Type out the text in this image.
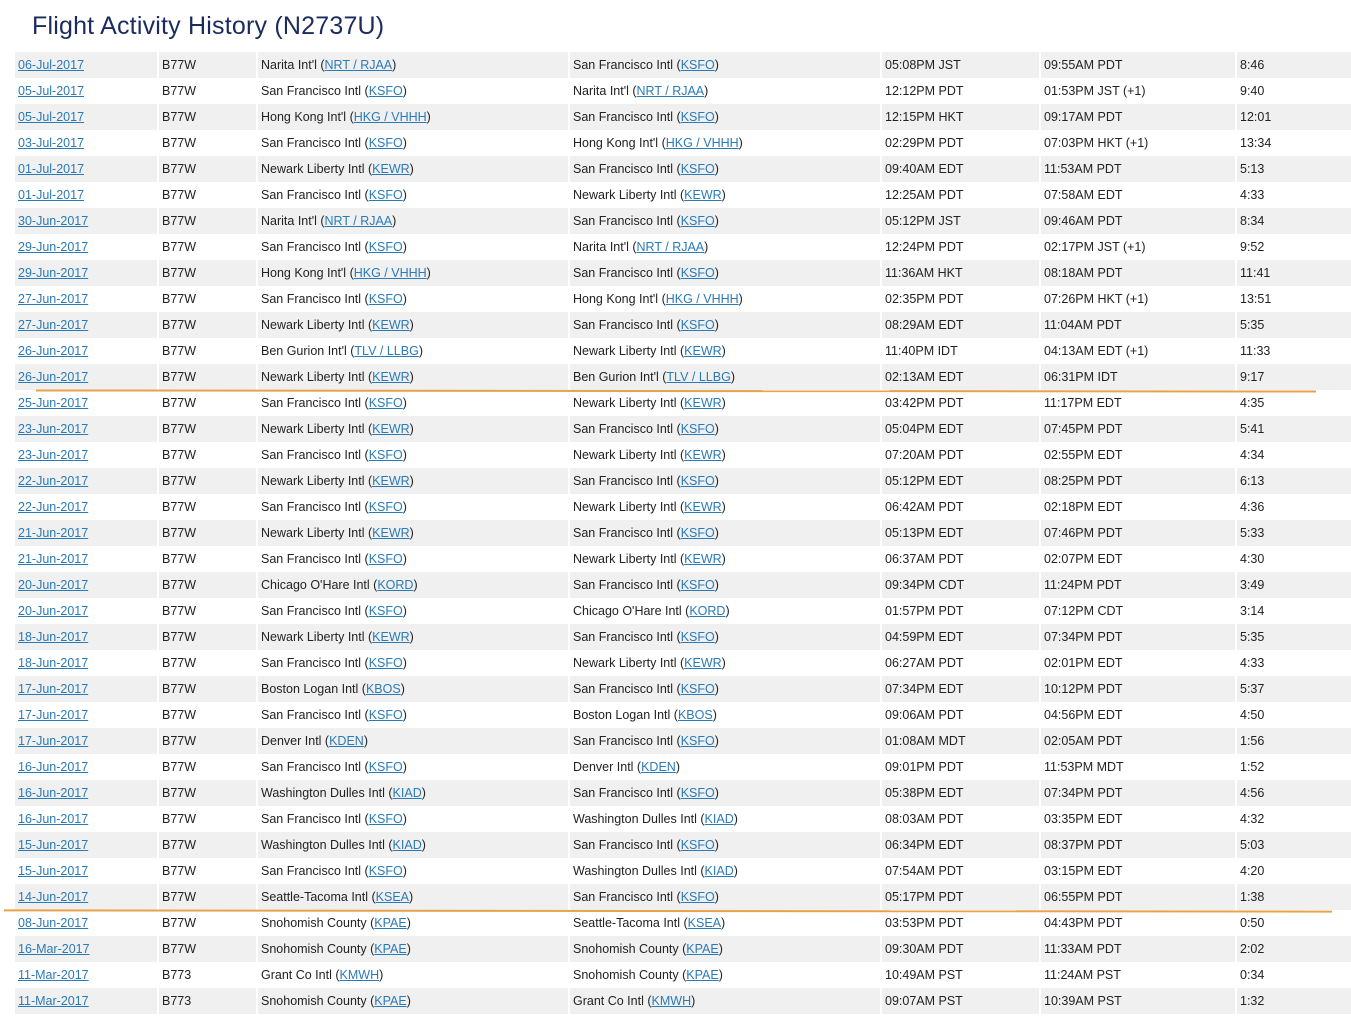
Flight Activity History (N2737U)
06-Jul-2017	B77W	Narita Int'l (NRT / RJAA)	San Francisco Intl (KSFO)	05:08PM JST	09:55AM PDT	8:46
05-Jul-2017	B77W	San Francisco Intl (KSFO)	Narita Int'l (NRT / RJAA)	12:12PM PDT	01:53PM JST (+1)	9:40
05-Jul-2017	B77W	Hong Kong Int'l (HKG / VHHH)	San Francisco Intl (KSFO)	12:15PM HKT	09:17AM PDT	12:01
03-Jul-2017	B77W	San Francisco Intl (KSFO)	Hong Kong Int'l (HKG / VHHH)	02:29PM PDT	07:03PM HKT (+1)	13:34
01-Jul-2017	B77W	Newark Liberty Intl (KEWR)	San Francisco Intl (KSFO)	09:40AM EDT	11:53AM PDT	5:13
01-Jul-2017	B77W	San Francisco Intl (KSFO)	Newark Liberty Intl (KEWR)	12:25AM PDT	07:58AM EDT	4:33
30-Jun-2017	B77W	Narita Int'l (NRT / RJAA)	San Francisco Intl (KSFO)	05:12PM JST	09:46AM PDT	8:34
29-Jun-2017	B77W	San Francisco Intl (KSFO)	Narita Int'l (NRT / RJAA)	12:24PM PDT	02:17PM JST (+1)	9:52
29-Jun-2017	B77W	Hong Kong Int'l (HKG / VHHH)	San Francisco Intl (KSFO)	11:36AM HKT	08:18AM PDT	11:41
27-Jun-2017	B77W	San Francisco Intl (KSFO)	Hong Kong Int'l (HKG / VHHH)	02:35PM PDT	07:26PM HKT (+1)	13:51
27-Jun-2017	B77W	Newark Liberty Intl (KEWR)	San Francisco Intl (KSFO)	08:29AM EDT	11:04AM PDT	5:35
26-Jun-2017	B77W	Ben Gurion Int'l (TLV / LLBG)	Newark Liberty Intl (KEWR)	11:40PM IDT	04:13AM EDT (+1)	11:33
26-Jun-2017	B77W	Newark Liberty Intl (KEWR)	Ben Gurion Int'l (TLV / LLBG)	02:13AM EDT	06:31PM IDT	9:17
25-Jun-2017	B77W	San Francisco Intl (KSFO)	Newark Liberty Intl (KEWR)	03:42PM PDT	11:17PM EDT	4:35
23-Jun-2017	B77W	Newark Liberty Intl (KEWR)	San Francisco Intl (KSFO)	05:04PM EDT	07:45PM PDT	5:41
23-Jun-2017	B77W	San Francisco Intl (KSFO)	Newark Liberty Intl (KEWR)	07:20AM PDT	02:55PM EDT	4:34
22-Jun-2017	B77W	Newark Liberty Intl (KEWR)	San Francisco Intl (KSFO)	05:12PM EDT	08:25PM PDT	6:13
22-Jun-2017	B77W	San Francisco Intl (KSFO)	Newark Liberty Intl (KEWR)	06:42AM PDT	02:18PM EDT	4:36
21-Jun-2017	B77W	Newark Liberty Intl (KEWR)	San Francisco Intl (KSFO)	05:13PM EDT	07:46PM PDT	5:33
21-Jun-2017	B77W	San Francisco Intl (KSFO)	Newark Liberty Intl (KEWR)	06:37AM PDT	02:07PM EDT	4:30
20-Jun-2017	B77W	Chicago O'Hare Intl (KORD)	San Francisco Intl (KSFO)	09:34PM CDT	11:24PM PDT	3:49
20-Jun-2017	B77W	San Francisco Intl (KSFO)	Chicago O'Hare Intl (KORD)	01:57PM PDT	07:12PM CDT	3:14
18-Jun-2017	B77W	Newark Liberty Intl (KEWR)	San Francisco Intl (KSFO)	04:59PM EDT	07:34PM PDT	5:35
18-Jun-2017	B77W	San Francisco Intl (KSFO)	Newark Liberty Intl (KEWR)	06:27AM PDT	02:01PM EDT	4:33
17-Jun-2017	B77W	Boston Logan Intl (KBOS)	San Francisco Intl (KSFO)	07:34PM EDT	10:12PM PDT	5:37
17-Jun-2017	B77W	San Francisco Intl (KSFO)	Boston Logan Intl (KBOS)	09:06AM PDT	04:56PM EDT	4:50
17-Jun-2017	B77W	Denver Intl (KDEN)	San Francisco Intl (KSFO)	01:08AM MDT	02:05AM PDT	1:56
16-Jun-2017	B77W	San Francisco Intl (KSFO)	Denver Intl (KDEN)	09:01PM PDT	11:53PM MDT	1:52
16-Jun-2017	B77W	Washington Dulles Intl (KIAD)	San Francisco Intl (KSFO)	05:38PM EDT	07:34PM PDT	4:56
16-Jun-2017	B77W	San Francisco Intl (KSFO)	Washington Dulles Intl (KIAD)	08:03AM PDT	03:35PM EDT	4:32
15-Jun-2017	B77W	Washington Dulles Intl (KIAD)	San Francisco Intl (KSFO)	06:34PM EDT	08:37PM PDT	5:03
15-Jun-2017	B77W	San Francisco Intl (KSFO)	Washington Dulles Intl (KIAD)	07:54AM PDT	03:15PM EDT	4:20
14-Jun-2017	B77W	Seattle-Tacoma Intl (KSEA)	San Francisco Intl (KSFO)	05:17PM PDT	06:55PM PDT	1:38
08-Jun-2017	B77W	Snohomish County (KPAE)	Seattle-Tacoma Intl (KSEA)	03:53PM PDT	04:43PM PDT	0:50
16-Mar-2017	B77W	Snohomish County (KPAE)	Snohomish County (KPAE)	09:30AM PDT	11:33AM PDT	2:02
11-Mar-2017	B773	Grant Co Intl (KMWH)	Snohomish County (KPAE)	10:49AM PST	11:24AM PST	0:34
11-Mar-2017	B773	Snohomish County (KPAE)	Grant Co Intl (KMWH)	09:07AM PST	10:39AM PST	1:32
